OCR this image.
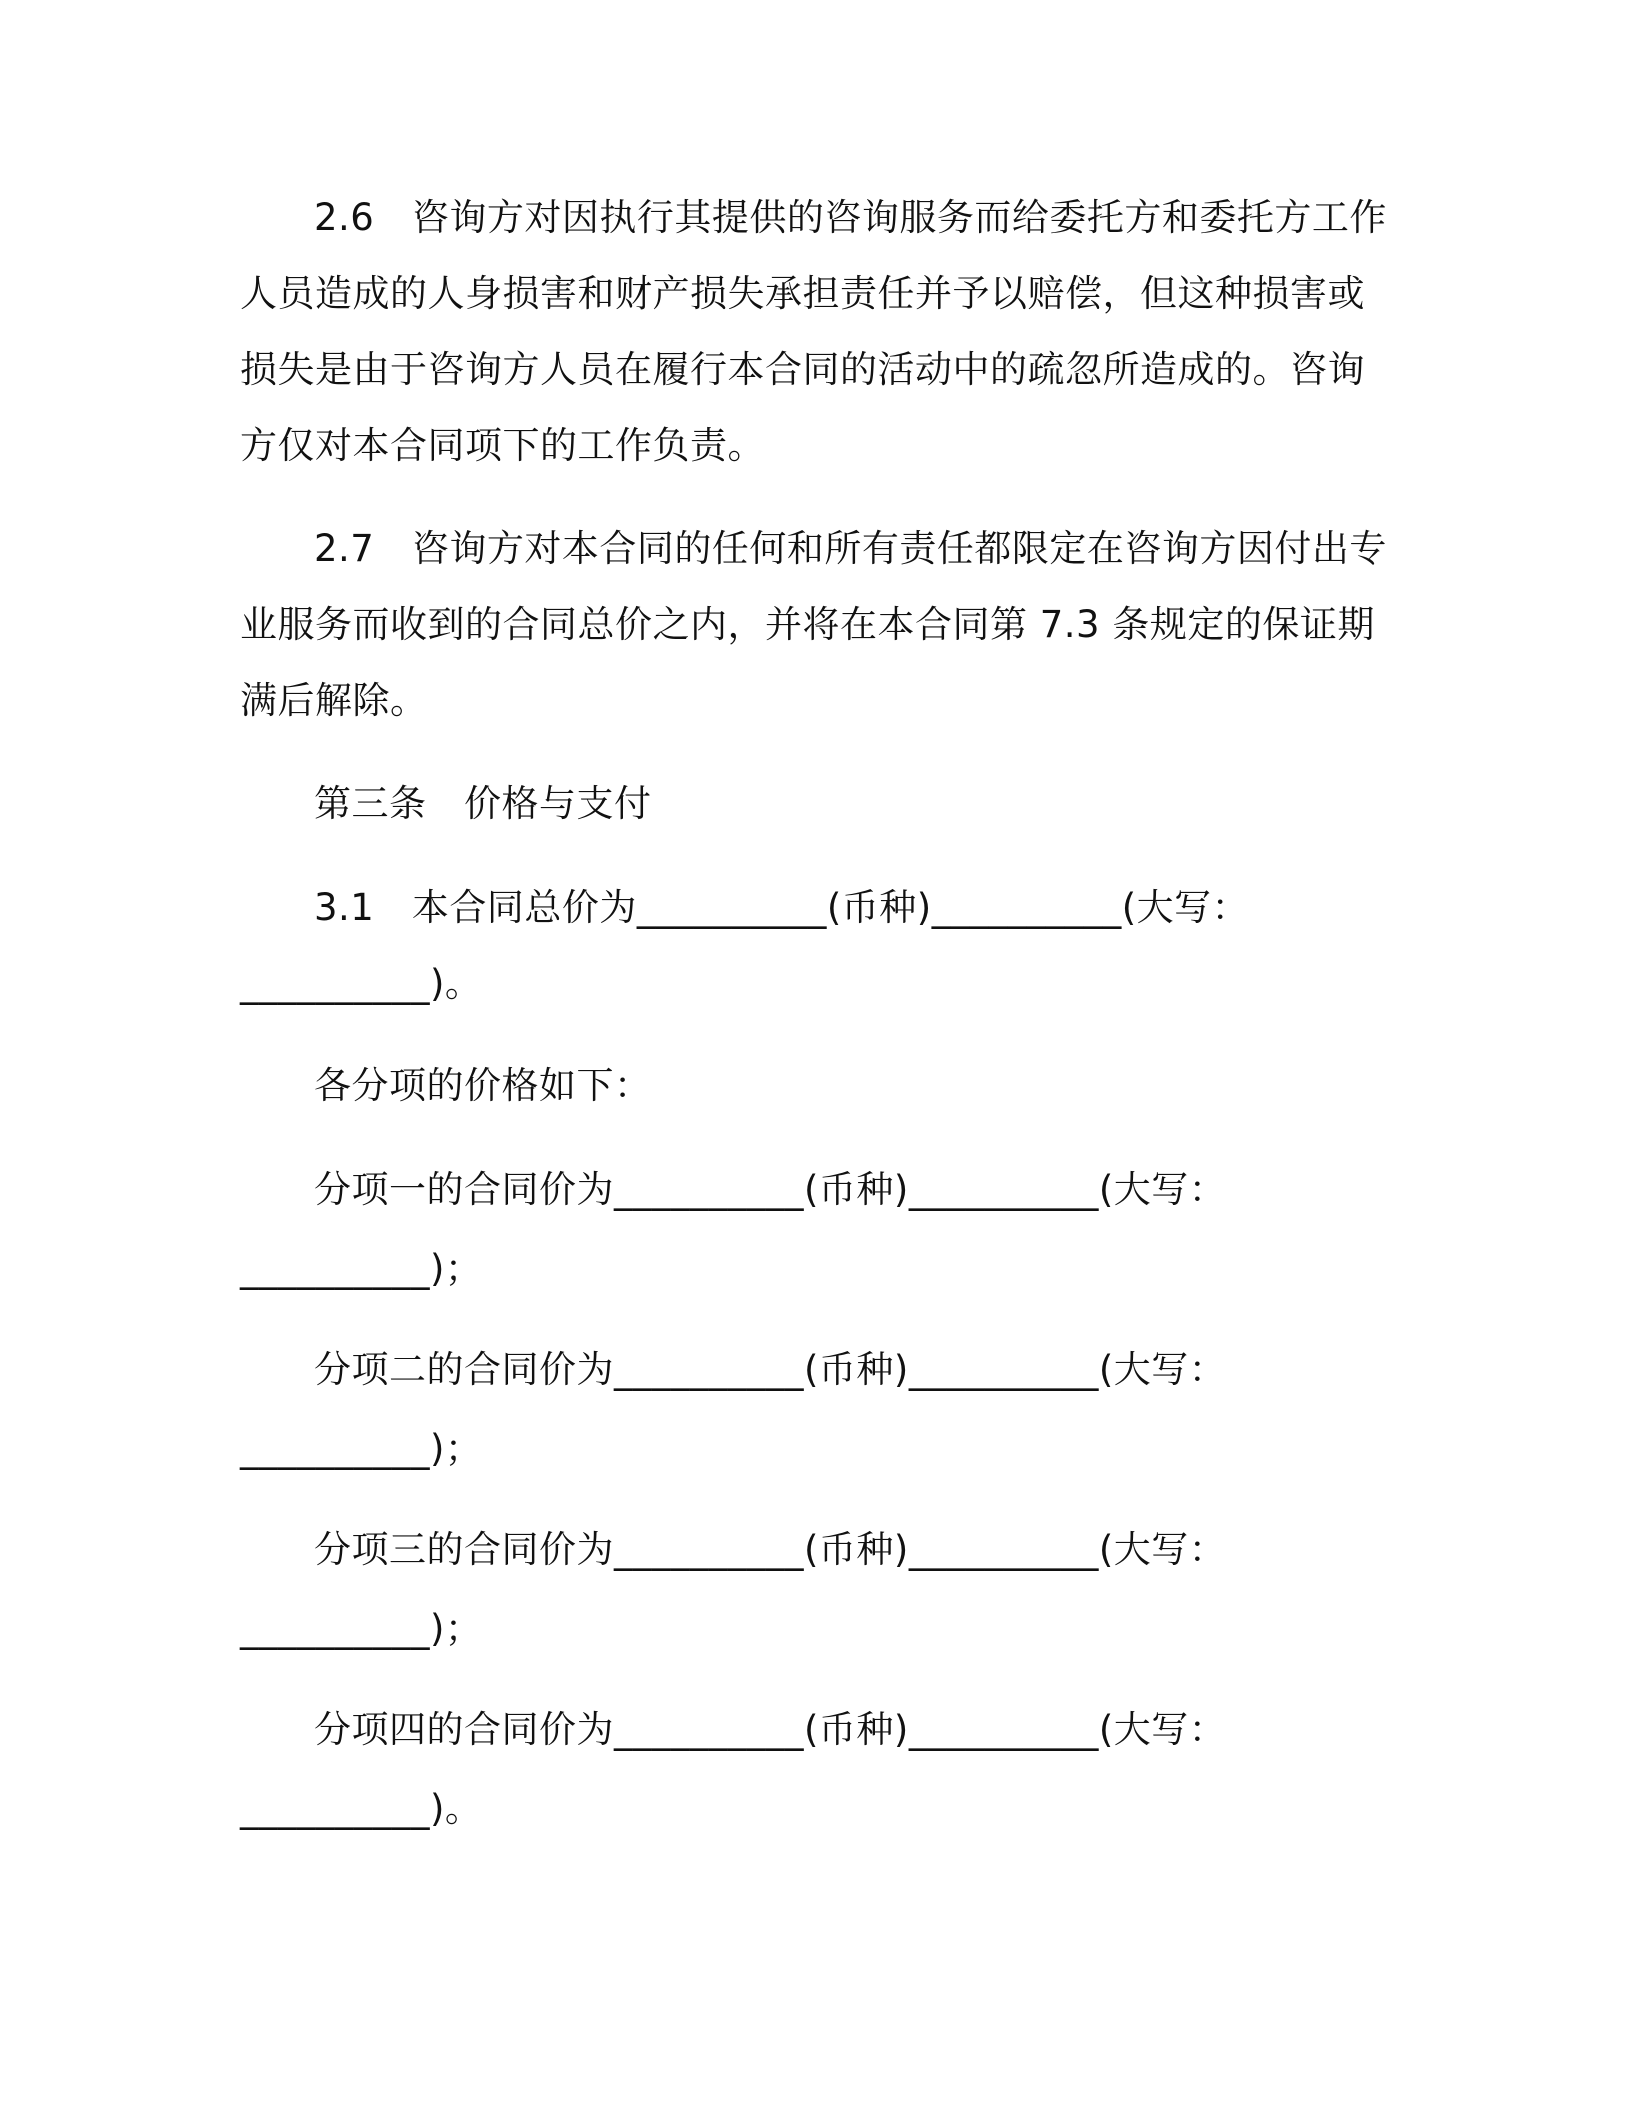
2.6　咨询方对因执行其提供的咨询服务而给委托方和委托方工作
人员造成的人身损害和财产损失承担责任并予以赔偿，但这种损害或
损失是由于咨询方人员在履行本合同的活动中的疏忽所造成的。咨询
方仅对本合同项下的工作负责。
2.7　咨询方对本合同的任何和所有责任都限定在咨询方因付出专
业服务而收到的合同总价之内，并将在本合同第 7.3 条规定的保证期
满后解除。
第三条　价格与支付
3.1　本合同总价为__________(币种)__________(大写：
__________)。
各分项的价格如下：
分项一的合同价为__________(币种)__________(大写：
__________)；
分项二的合同价为__________(币种)__________(大写：
__________)；
分项三的合同价为__________(币种)__________(大写：
__________)；
分项四的合同价为__________(币种)__________(大写：
__________)。
